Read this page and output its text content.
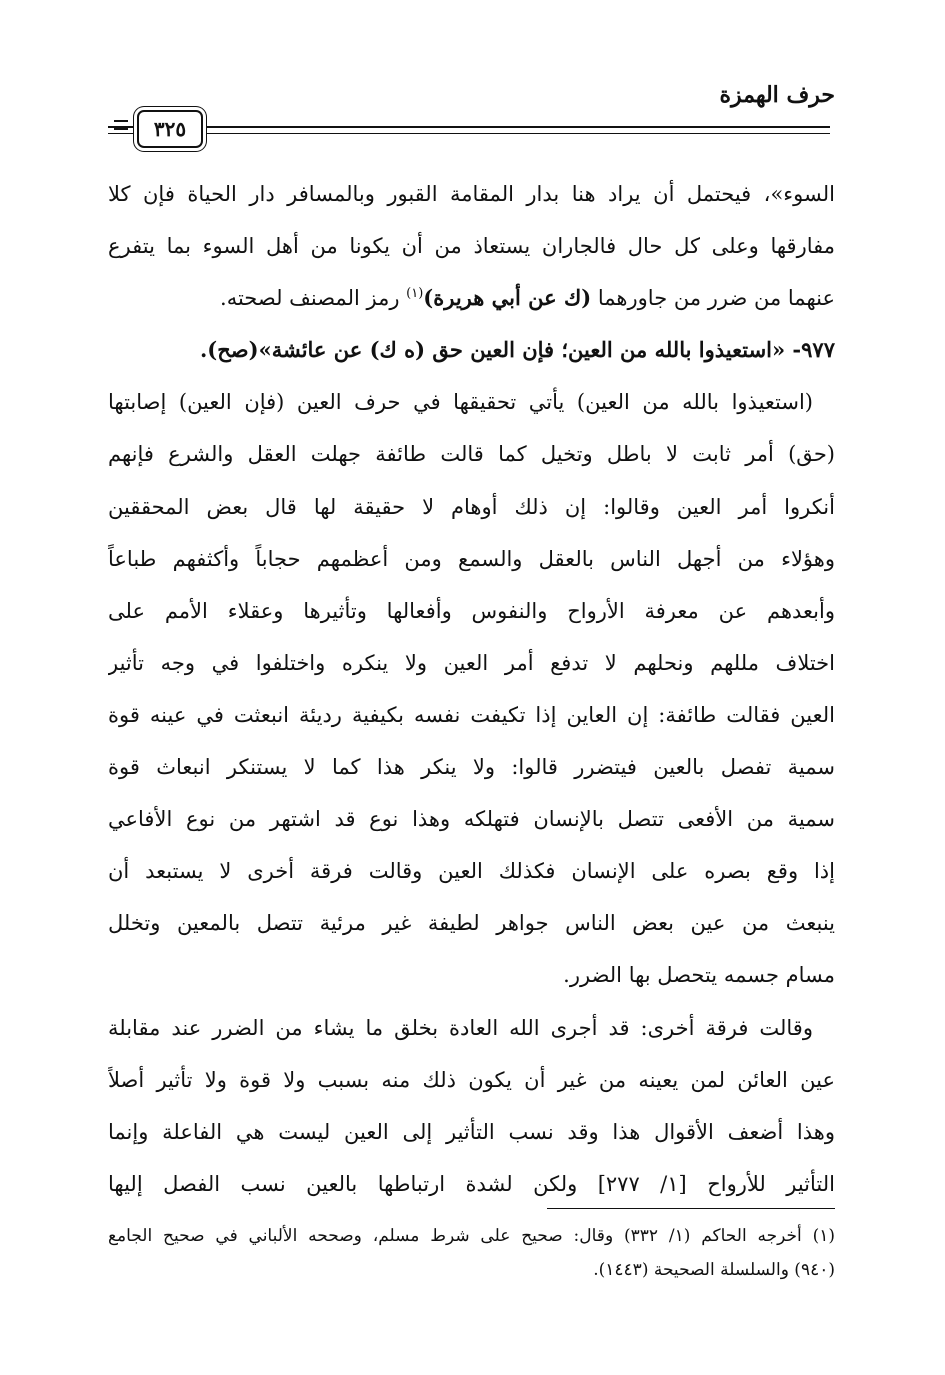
حرف الهمزة
٣٢٥
السوء»، فيحتمل أن يراد هنا بدار المقامة القبور وبالمسافر دار الحياة فإن كلا
مفارقها وعلى كل حال فالجاران يستعاذ من أن يكونا من أهل السوء بما يتفرع
عنهما من ضرر من جاورهما (ك عن أبي هريرة)$^{(١)}$ رمز المصنف لصحته.
٩٧٧- «استعيذوا بالله من العين؛ فإن العين حق (ه ك) عن عائشة»(صح).
(استعيذوا بالله من العين) يأتي تحقيقها في حرف العين (فإن العين) إصابتها
(حق) أمر ثابت لا باطل وتخيل كما قالت طائفة جهلت العقل والشرع فإنهم
أنكروا أمر العين وقالوا: إن ذلك أوهام لا حقيقة لها قال بعض المحققين
وهؤلاء من أجهل الناس بالعقل والسمع ومن أعظمهم حجاباً وأكثفهم طباعاً
وأبعدهم عن معرفة الأرواح والنفوس وأفعالها وتأثيرها وعقلاء الأمم على
اختلاف مللهم ونحلهم لا تدفع أمر العين ولا ينكره واختلفوا في وجه تأثير
العين فقالت طائفة: إن العاين إذا تكيفت نفسه بكيفية رديئة انبعثت في عينه قوة
سمية تفصل بالعين فيتضرر قالوا: ولا ينكر هذا كما لا يستنكر انبعاث قوة
سمية من الأفعى تتصل بالإنسان فتهلكه وهذا نوع قد اشتهر من نوع الأفاعي
إذا وقع بصره على الإنسان فكذلك العين وقالت فرقة أخرى لا يستبعد أن
ينبعث من عين بعض الناس جواهر لطيفة غير مرئية تتصل بالمعين وتخلل
مسام جسمه يتحصل بها الضرر.
وقالت فرقة أخرى: قد أجرى الله العادة بخلق ما يشاء من الضرر عند مقابلة
عين العائن لمن يعينه من غير أن يكون ذلك منه بسبب ولا قوة ولا تأثير أصلاً
وهذا أضعف الأقوال هذا وقد نسب التأثير إلى العين ليست هي الفاعلة وإنما
التأثير للأرواح [١/ ٢٧٧] ولكن لشدة ارتباطها بالعين نسب الفصل إليها
(١) أخرجه الحاكم (١/ ٣٣٢) وقال: صحيح على شرط مسلم، وصححه الألباني في صحيح الجامع
(٩٤٠) والسلسلة الصحيحة (١٤٤٣).
